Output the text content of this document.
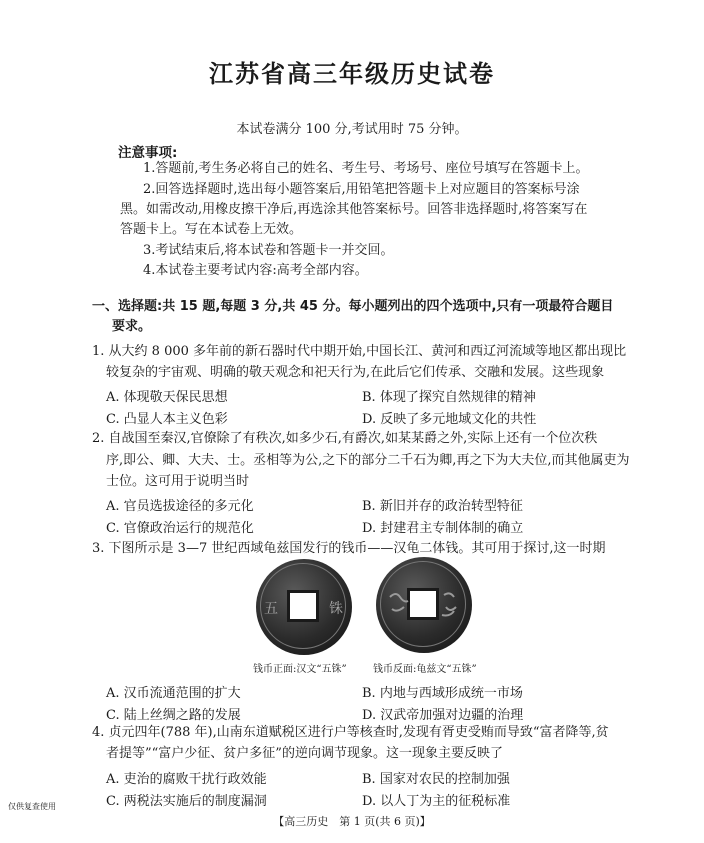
江苏省高三年级历史试卷
本试卷满分 100 分,考试用时 75 分钟。
注意事项:
1.答题前,考生务必将自己的姓名、考生号、考场号、座位号填写在答题卡上。
2.回答选择题时,选出每小题答案后,用铅笔把答题卡上对应题目的答案标号涂
黑。如需改动,用橡皮擦干净后,再选涂其他答案标号。回答非选择题时,将答案写在
答题卡上。写在本试卷上无效。
3.考试结束后,将本试卷和答题卡一并交回。
4.本试卷主要考试内容:高考全部内容。
一、选择题:共 15 题,每题 3 分,共 45 分。每小题列出的四个选项中,只有一项最符合题目
要求。
1. 从大约 8 000 多年前的新石器时代中期开始,中国长江、黄河和西辽河流域等地区都出现比
较复杂的宇宙观、明确的敬天观念和祀天行为,在此后它们传承、交融和发展。这些现象
A. 体现敬天保民思想	B. 体现了探究自然规律的精神
C. 凸显人本主义色彩	D. 反映了多元地域文化的共性
2. 自战国至秦汉,官僚除了有秩次,如多少石,有爵次,如某某爵之外,实际上还有一个位次秩
序,即公、卿、大夫、士。丞相等为公,之下的部分二千石为卿,再之下为大夫位,而其他属吏为
士位。这可用于说明当时
A. 官员选拔途径的多元化	B. 新旧并存的政治转型特征
C. 官僚政治运行的规范化	D. 封建君主专制体制的确立
3. 下图所示是 3—7 世纪西域龟兹国发行的钱币——汉龟二体钱。其可用于探讨,这一时期
五	铢
钱币正面:汉文“五铢”	钱币反面:龟兹文“五铢”
A. 汉币流通范围的扩大	B. 内地与西域形成统一市场
C. 陆上丝绸之路的发展	D. 汉武帝加强对边疆的治理
4. 贞元四年(788 年),山南东道赋税区进行户等核查时,发现有胥吏受贿而导致“富者降等,贫
者提等”“富户少征、贫户多征”的逆向调节现象。这一现象主要反映了
A. 吏治的腐败干扰行政效能	B. 国家对农民的控制加强
C. 两税法实施后的制度漏洞	D. 以人丁为主的征税标准
仅供复查使用
【高三历史　第 1 页(共 6 页)】
